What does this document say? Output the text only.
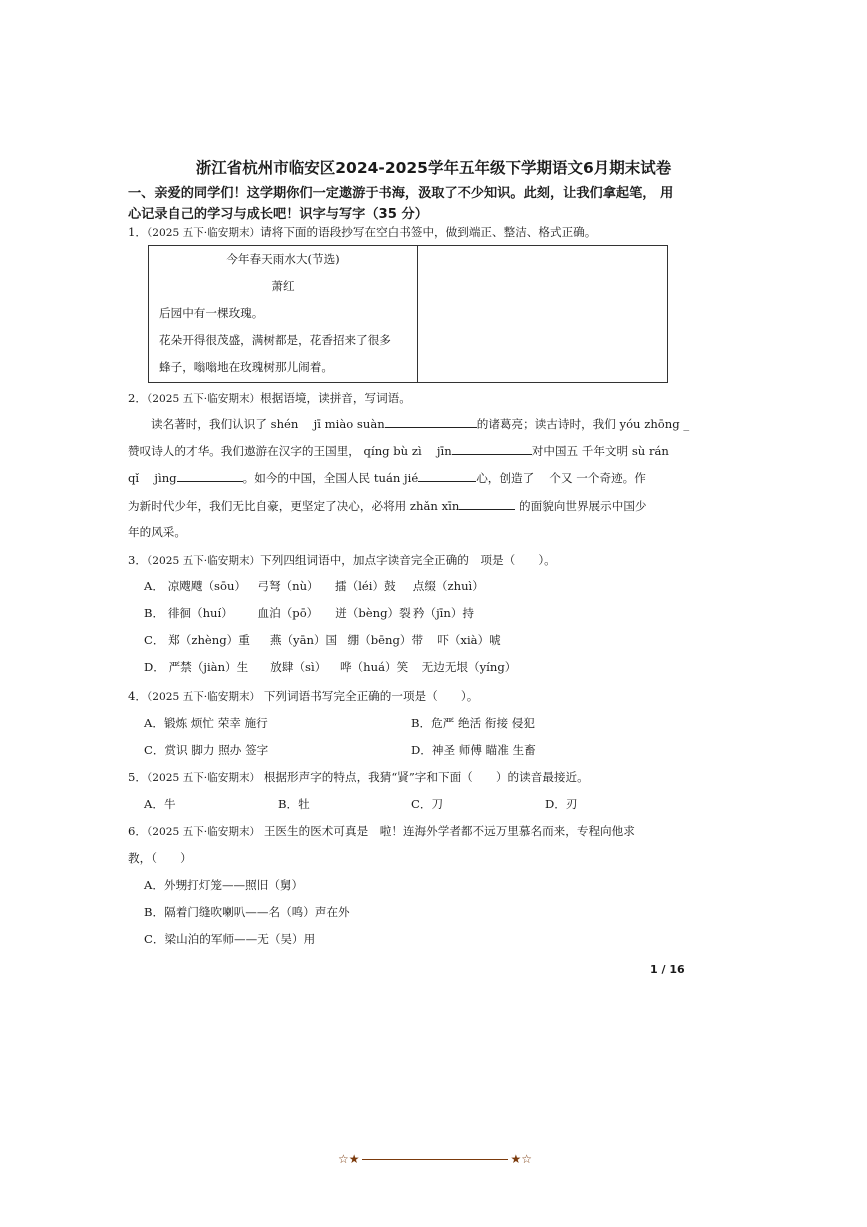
浙江省杭州市临安区2024-2025学年五年级下学期语文6月期末试卷
一、亲爱的同学们！这学期你们一定遨游于书海，汲取了不少知识。此刻，让我们拿起笔， 用
心记录自己的学习与成长吧！识字与写字（35 分）
1．（2025 五下·临安期末）请将下面的语段抄写在空白书签中，做到端正、整洁、格式正确。
今年春天雨水大(节选)
萧红
后园中有一棵玫瑰。
花朵开得很茂盛，满树都是，花香招来了很多
蜂子，嗡嗡地在玫瑰树那儿闹着。

2．（2025 五下·临安期末）根据语境，读拼音，写词语。
读名著时，我们认识了 shén　 jī miào suàn	的诸葛亮；读古诗时，我们 yóu zhōng _
赞叹诗人的才华。我们遨游在汉字的王国里， qíng bù zì　 jīn	对中国五 千年文明 sù rán
qǐ　 jìng	。如今的中国，全国人民 tuán jié	心，创造了 　个又 一个奇迹。作
为新时代少年，我们无比自豪，更坚定了决心，必将用 zhǎn xīn	的面貌向世界展示中国少
年的风采。
3．（2025 五下·临安期末）下列四组词语中，加点字读音完全正确的　项是（　　）。
A． 凉飕飕（sōu） 弓弩（nù） 擂（léi）鼓 点缀（zhuì）
B． 徘徊（huí） 血泊（pō） 迸（bèng）裂 矜（jīn）持
C． 郑（zhèng）重 燕（yān）国 绷（bēng）带 吓（xià）唬
D． 严禁（jiàn）生 放肆（sì） 哗（huá）笑 无边无垠（yíng）
4．（2025 五下·临安期末） 下列词语书写完全正确的一项是（　　）。
A．锻炼 烦忙 荣幸 施行	B．危严 绝活 衔接 侵犯
C．赏识 脚力 照办 签字	D．神圣 师傅 瞄准 生畜
5．（2025 五下·临安期末） 根据形声字的特点，我猜“䝨”字和下面（　　）的读音最接近。
A．牛	B．牡	C．刀	D．刃
6．（2025 五下·临安期末） 王医生的医术可真是　啦！连海外学者都不远万里慕名而来，专程向他求
教，（　　）
A．外甥打灯笼——照旧（舅）
B．隔着门缝吹喇叭——名（鸣）声在外
C．梁山泊的军师——无（吴）用
1 / 16
☆★	★☆
